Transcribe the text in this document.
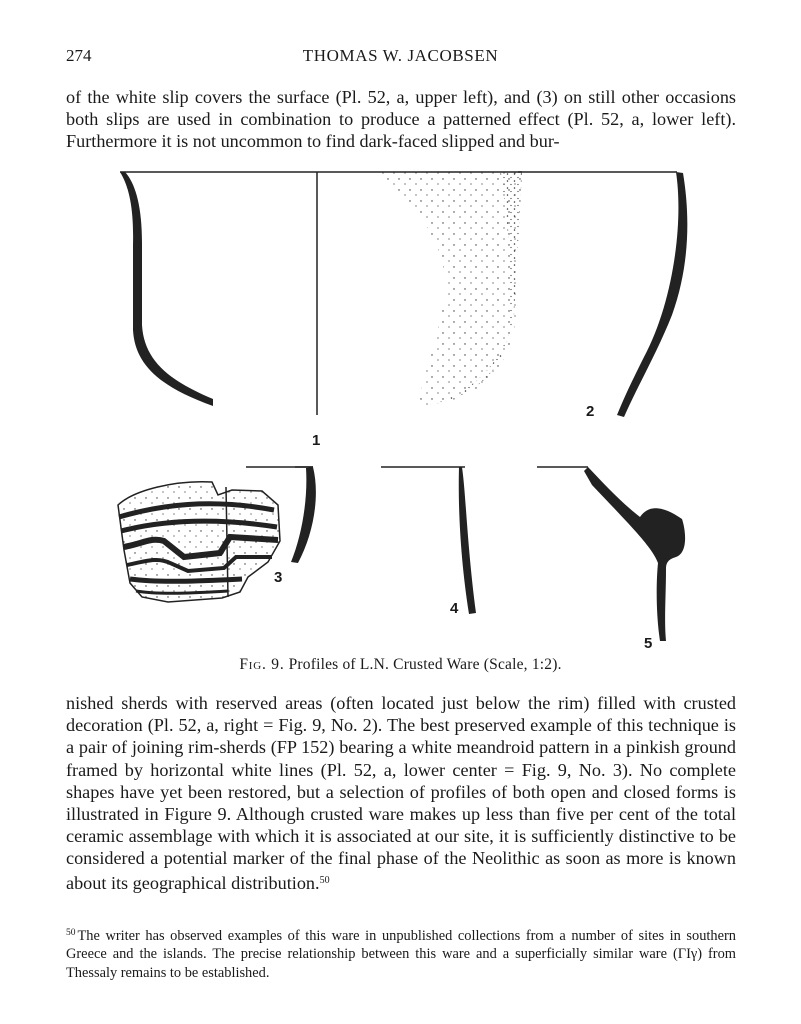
274	THOMAS W. JACOBSEN

of the white slip covers the surface (Pl. 52, a, upper left), and (3) on still other occasions both slips are used in combination to produce a patterned effect (Pl. 52, a, lower left). Furthermore it is not uncommon to find dark-faced slipped and bur-

1
2
3
4
5
Fig. 9. Profiles of L.N. Crusted Ware (Scale, 1:2).

nished sherds with reserved areas (often located just below the rim) filled with crusted decoration (Pl. 52, a, right = Fig. 9, No. 2). The best preserved example of this technique is a pair of joining rim-sherds (FP 152) bearing a white meandroid pattern in a pinkish ground framed by horizontal white lines (Pl. 52, a, lower center = Fig. 9, No. 3). No complete shapes have yet been restored, but a selection of profiles of both open and closed forms is illustrated in Figure 9. Although crusted ware makes up less than five per cent of the total ceramic assemblage with which it is associated at our site, it is sufficiently distinctive to be considered a potential marker of the final phase of the Neolithic as soon as more is known about its geographical distribution.$^{50}$

$^{50}$ The writer has observed examples of this ware in unpublished collections from a number of sites in southern Greece and the islands. The precise relationship between this ware and a superficially similar ware (ΓΙγ) from Thessaly remains to be established.
